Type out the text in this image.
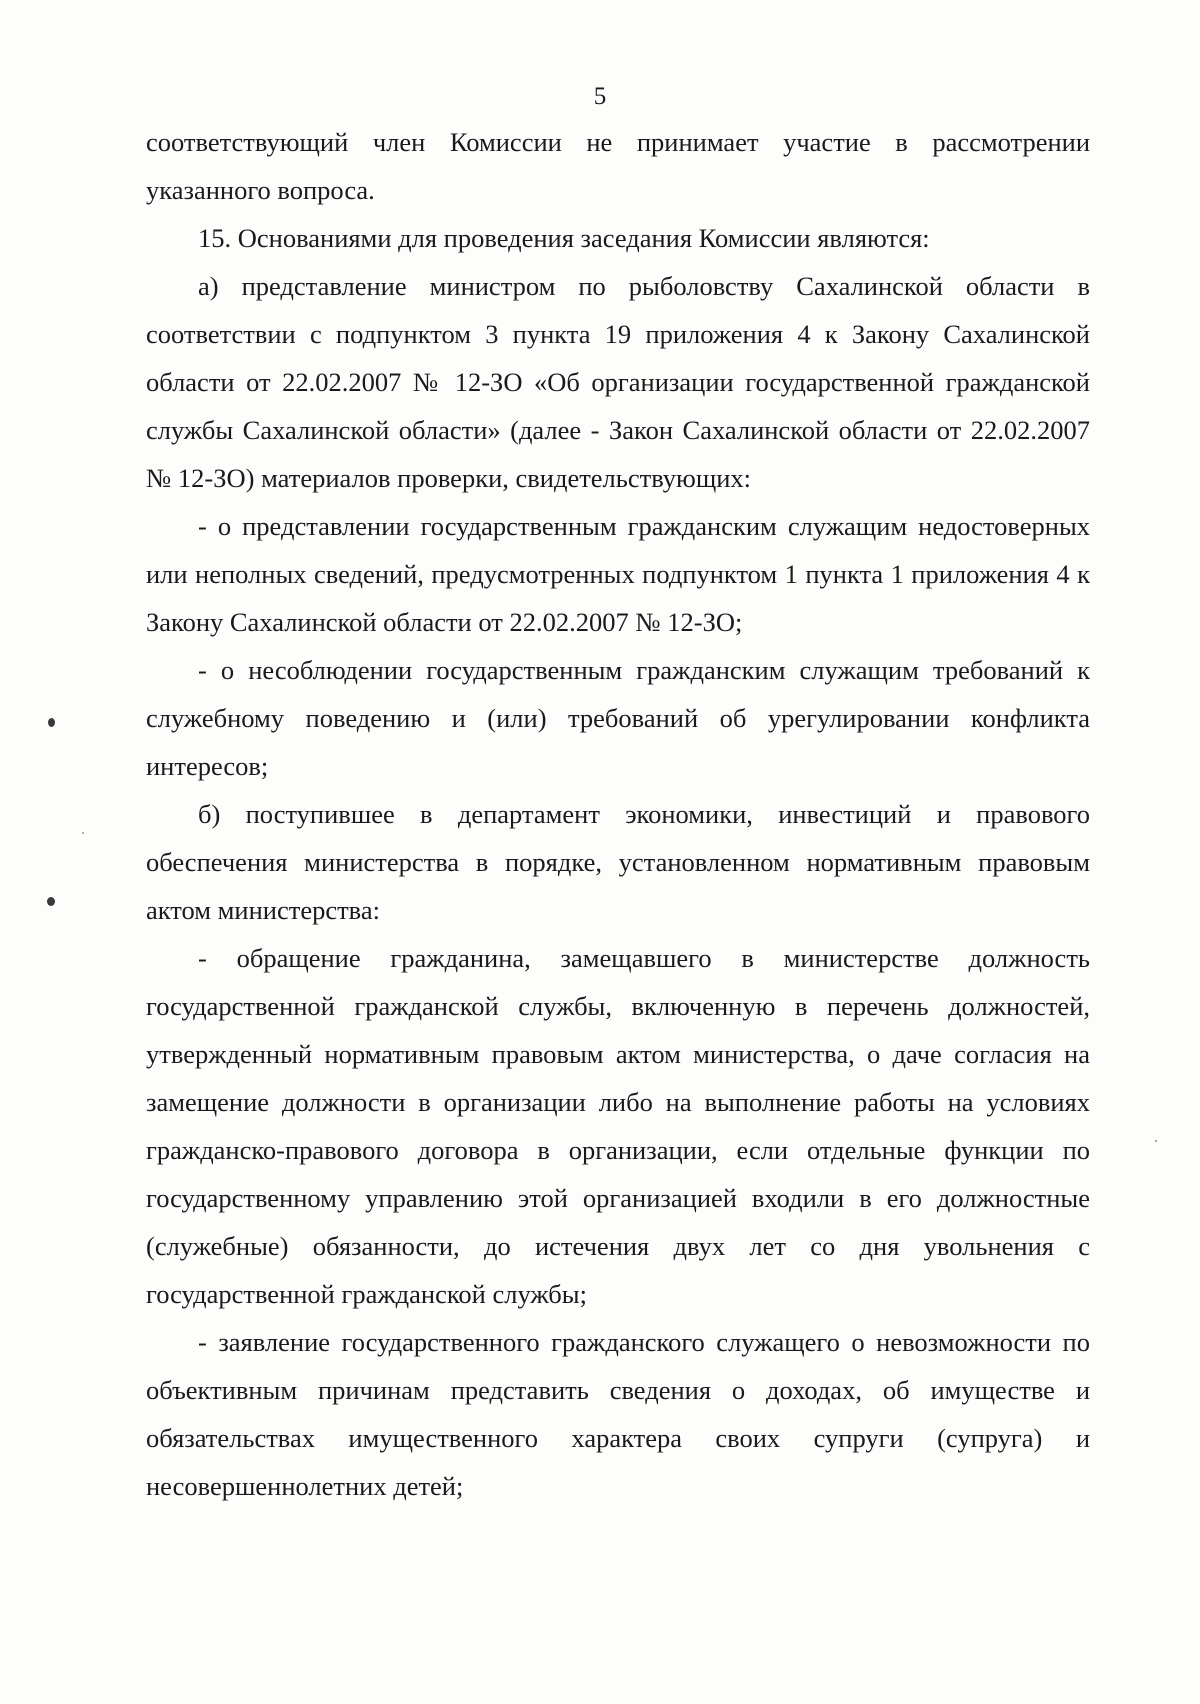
5

соответствующий член Комиссии не принимает участие в рассмотрении указанного вопроса.

15. Основаниями для проведения заседания Комиссии являются:

а) представление министром по рыболовству Сахалинской области в соответствии с подпунктом 3 пункта 19 приложения 4 к Закону Сахалинской области от 22.02.2007 № 12-ЗО «Об организации государственной гражданской службы Сахалинской области» (далее - Закон Сахалинской области от 22.02.2007 № 12-ЗО) материалов проверки, свидетельствующих:

- о представлении государственным гражданским служащим недостоверных или неполных сведений, предусмотренных подпунктом 1 пункта 1 приложения 4 к Закону Сахалинской области от 22.02.2007 № 12-ЗО;

- о несоблюдении государственным гражданским служащим требований к служебному поведению и (или) требований об урегулировании конфликта интересов;

б) поступившее в департамент экономики, инвестиций и правового обеспечения министерства в порядке, установленном нормативным правовым актом министерства:

- обращение гражданина, замещавшего в министерстве должность государственной гражданской службы, включенную в перечень должностей, утвержденный нормативным правовым актом министерства, о даче согласия на замещение должности в организации либо на выполнение работы на условиях гражданско-правового договора в организации, если отдельные функции по государственному управлению этой организацией входили в его должностные (служебные) обязанности, до истечения двух лет со дня увольнения с государственной гражданской службы;

- заявление государственного гражданского служащего о невозможности по объективным причинам представить сведения о доходах, об имуществе и обязательствах имущественного характера своих супруги (супруга) и несовершеннолетних детей;
